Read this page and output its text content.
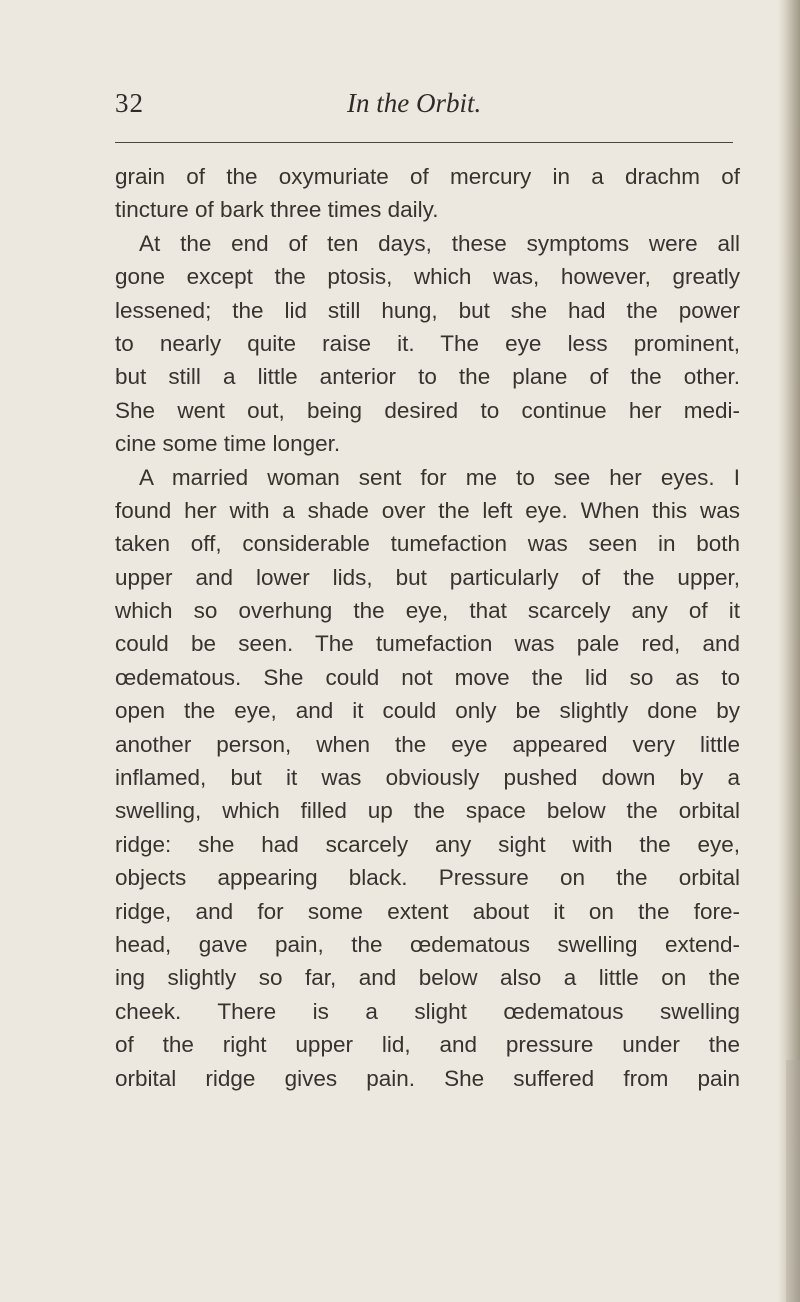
32	In the Orbit.
grain of the oxymuriate of mercury in a drachm of
tincture of bark three times daily.
At the end of ten days, these symptoms were all
gone except the ptosis, which was, however, greatly
lessened; the lid still hung, but she had the power
to nearly quite raise it. The eye less prominent,
but still a little anterior to the plane of the other.
She went out, being desired to continue her medi-
cine some time longer.
A married woman sent for me to see her eyes. I
found her with a shade over the left eye. When this was
taken off, considerable tumefaction was seen in both
upper and lower lids, but particularly of the upper,
which so overhung the eye, that scarcely any of it
could be seen. The tumefaction was pale red, and
œdematous. She could not move the lid so as to
open the eye, and it could only be slightly done by
another person, when the eye appeared very little
inflamed, but it was obviously pushed down by a
swelling, which filled up the space below the orbital
ridge: she had scarcely any sight with the eye,
objects appearing black. Pressure on the orbital
ridge, and for some extent about it on the fore-
head, gave pain, the œdematous swelling extend-
ing slightly so far, and below also a little on the
cheek. There is a slight œdematous swelling
of the right upper lid, and pressure under the
orbital ridge gives pain. She suffered from pain
